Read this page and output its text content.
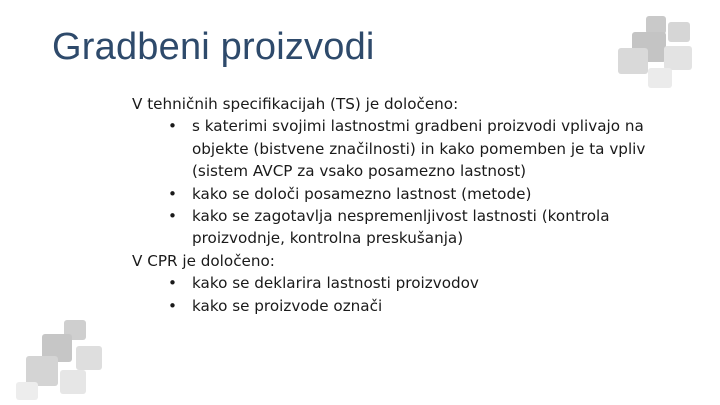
Gradbeni proizvodi

V tehničnih specifikacijah (TS) je določeno:

• s katerimi svojimi lastnostmi gradbeni proizvodi vplivajo na objekte (bistvene značilnosti) in kako pomemben je ta vpliv (sistem AVCP za vsako posamezno lastnost)
• kako se določi posamezno lastnost (metode)
• kako se zagotavlja nespremenljivost lastnosti (kontrola proizvodnje, kontrolna preskušanja)

V CPR je določeno:

• kako se deklarira lastnosti proizvodov
• kako se proizvode označi
